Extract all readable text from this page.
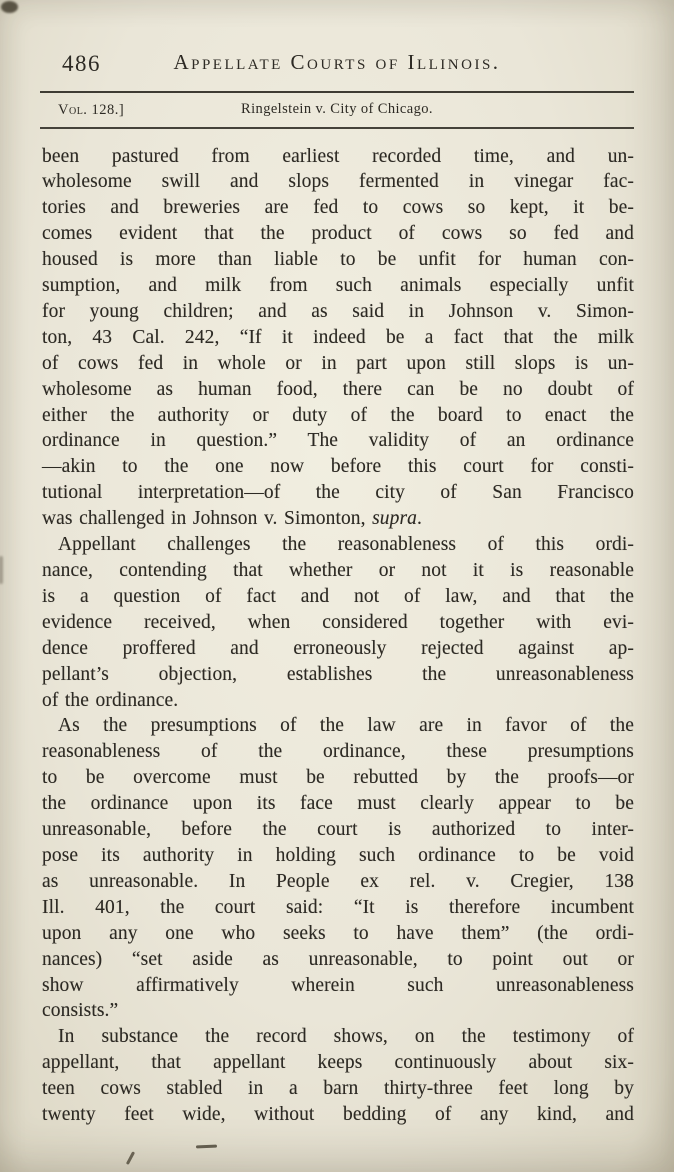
486	Appellate Courts of Illinois.
Vol. 128.]	Ringelstein v. City of Chicago.
been pastured from earliest recorded time, and un-
wholesome swill and slops fermented in vinegar fac-
tories and breweries are fed to cows so kept, it be-
comes evident that the product of cows so fed and
housed is more than liable to be unfit for human con-
sumption, and milk from such animals especially unfit
for young children; and as said in Johnson v. Simon-
ton, 43 Cal. 242, “If it indeed be a fact that the milk
of cows fed in whole or in part upon still slops is un-
wholesome as human food, there can be no doubt of
either the authority or duty of the board to enact the
ordinance in question.” The validity of an ordinance
—akin to the one now before this court for consti-
tutional interpretation—of the city of San Francisco
was challenged in Johnson v. Simonton, supra.
Appellant challenges the reasonableness of this ordi-
nance, contending that whether or not it is reasonable
is a question of fact and not of law, and that the
evidence received, when considered together with evi-
dence proffered and erroneously rejected against ap-
pellant’s objection, establishes the unreasonableness
of the ordinance.
As the presumptions of the law are in favor of the
reasonableness of the ordinance, these presumptions
to be overcome must be rebutted by the proofs—or
the ordinance upon its face must clearly appear to be
unreasonable, before the court is authorized to inter-
pose its authority in holding such ordinance to be void
as unreasonable. In People ex rel. v. Cregier, 138
Ill. 401, the court said: “It is therefore incumbent
upon any one who seeks to have them” (the ordi-
nances) “set aside as unreasonable, to point out or
show affirmatively wherein such unreasonableness
consists.”
In substance the record shows, on the testimony of
appellant, that appellant keeps continuously about six-
teen cows stabled in a barn thirty-three feet long by
twenty feet wide, without bedding of any kind, and
